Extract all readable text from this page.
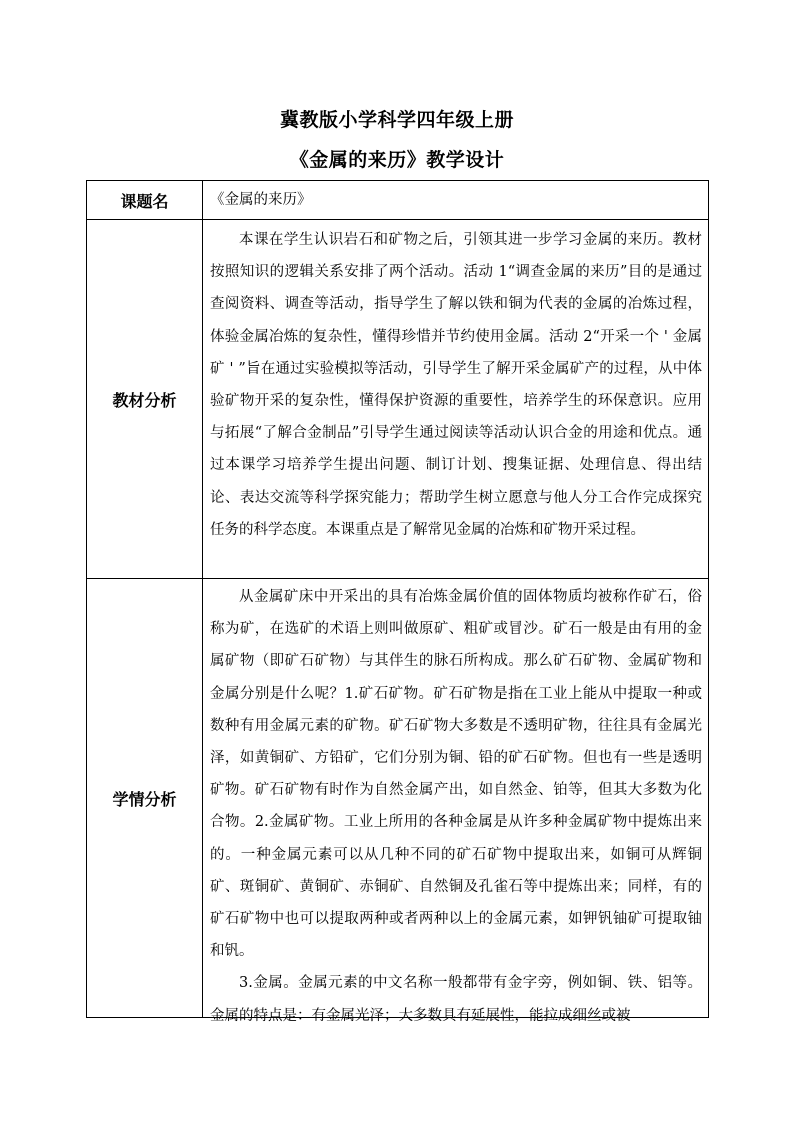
冀教版小学科学四年级上册
《金属的来历》教学设计
课题名	《金属的来历》

教材分析	本课在学生认识岩石和矿物之后，引领其进一步学习金属的来历。教材按照知识的逻辑关系安排了两个活动。活动 1“调查金属的来历”目的是通过查阅资料、调查等活动，指导学生了解以铁和铜为代表的金属的冶炼过程，体验金属冶炼的复杂性，懂得珍惜并节约使用金属。活动 2“开采一个 ' 金属矿 ' ”旨在通过实验模拟等活动，引导学生了解开采金属矿产的过程，从中体验矿物开采的复杂性，懂得保护资源的重要性，培养学生的环保意识。应用与拓展“了解合金制品”引导学生通过阅读等活动认识合金的用途和优点。通过本课学习培养学生提出问题、制订计划、搜集证据、处理信息、得出结论、表达交流等科学探究能力；帮助学生树立愿意与他人分工合作完成探究任务的科学态度。本课重点是了解常见金属的冶炼和矿物开采过程。

学情分析	从金属矿床中开采出的具有冶炼金属价值的固体物质均被称作矿石，俗称为矿，在选矿的术语上则叫做原矿、粗矿或冒沙。矿石一般是由有用的金属矿物（即矿石矿物）与其伴生的脉石所构成。那么矿石矿物、金属矿物和金属分别是什么呢？1.矿石矿物。矿石矿物是指在工业上能从中提取一种或数种有用金属元素的矿物。矿石矿物大多数是不透明矿物，往往具有金属光泽，如黄铜矿、方铅矿，它们分别为铜、铅的矿石矿物。但也有一些是透明矿物。矿石矿物有时作为自然金属产出，如自然金、铂等，但其大多数为化合物。2.金属矿物。工业上所用的各种金属是从许多种金属矿物中提炼出来的。一种金属元素可以从几种不同的矿石矿物中提取出来，如铜可从辉铜矿、斑铜矿、黄铜矿、赤铜矿、自然铜及孔雀石等中提炼出来；同样，有的矿石矿物中也可以提取两种或者两种以上的金属元素，如钾钒铀矿可提取铀和钒。

3.金属。金属元素的中文名称一般都带有金字旁，例如铜、铁、铝等。金属的特点是：有金属光泽；大多数具有延展性，能拉成细丝或被
